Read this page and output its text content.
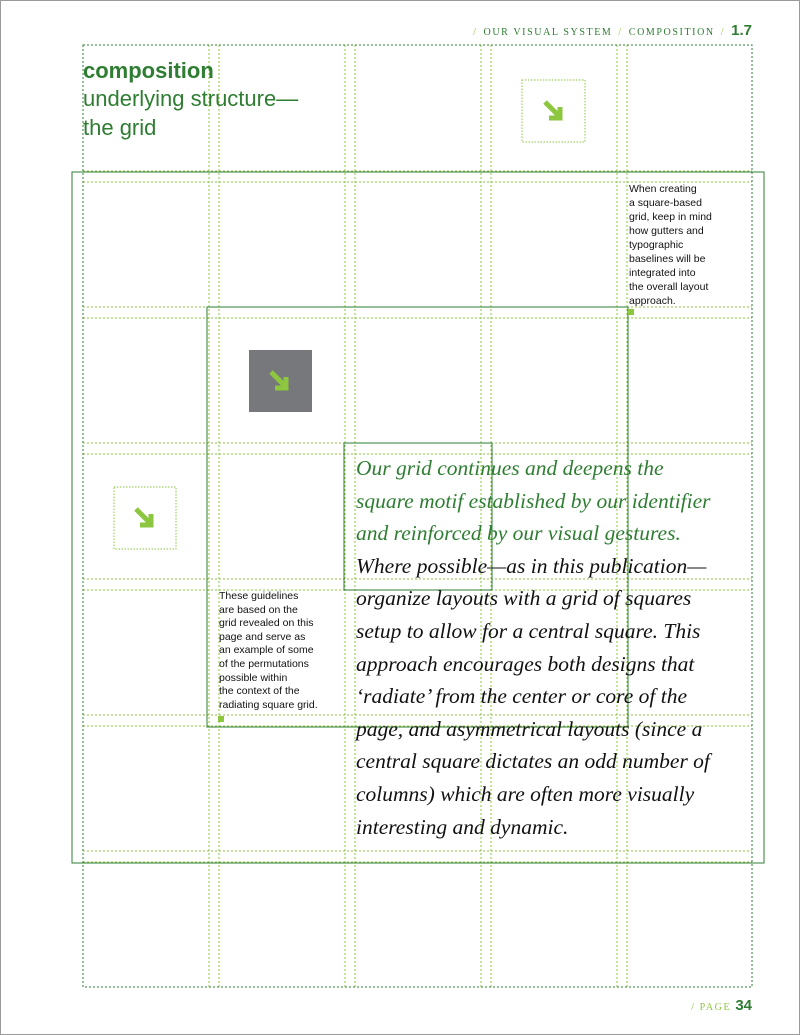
/ OUR VISUAL SYSTEM / COMPOSITION / 1.7
composition
underlying structure—
the grid
When creating
a square-based
grid, keep in mind
how gutters and
typographic
baselines will be
integrated into
the overall layout
approach.
These guidelines
are based on the
grid revealed on this
page and serve as
an example of some
of the permutations
possible within
the context of the
radiating square grid.
Our grid continues and deepens the
square motif established by our identifier
and reinforced by our visual gestures.
Where possible—as in this publication—
organize layouts with a grid of squares
setup to allow for a central square. This
approach encourages both designs that
‘radiate’ from the center or core of the
page, and asymmetrical layouts (since a
central square dictates an odd number of
columns) which are often more visually
interesting and dynamic.
/ PAGE 34
